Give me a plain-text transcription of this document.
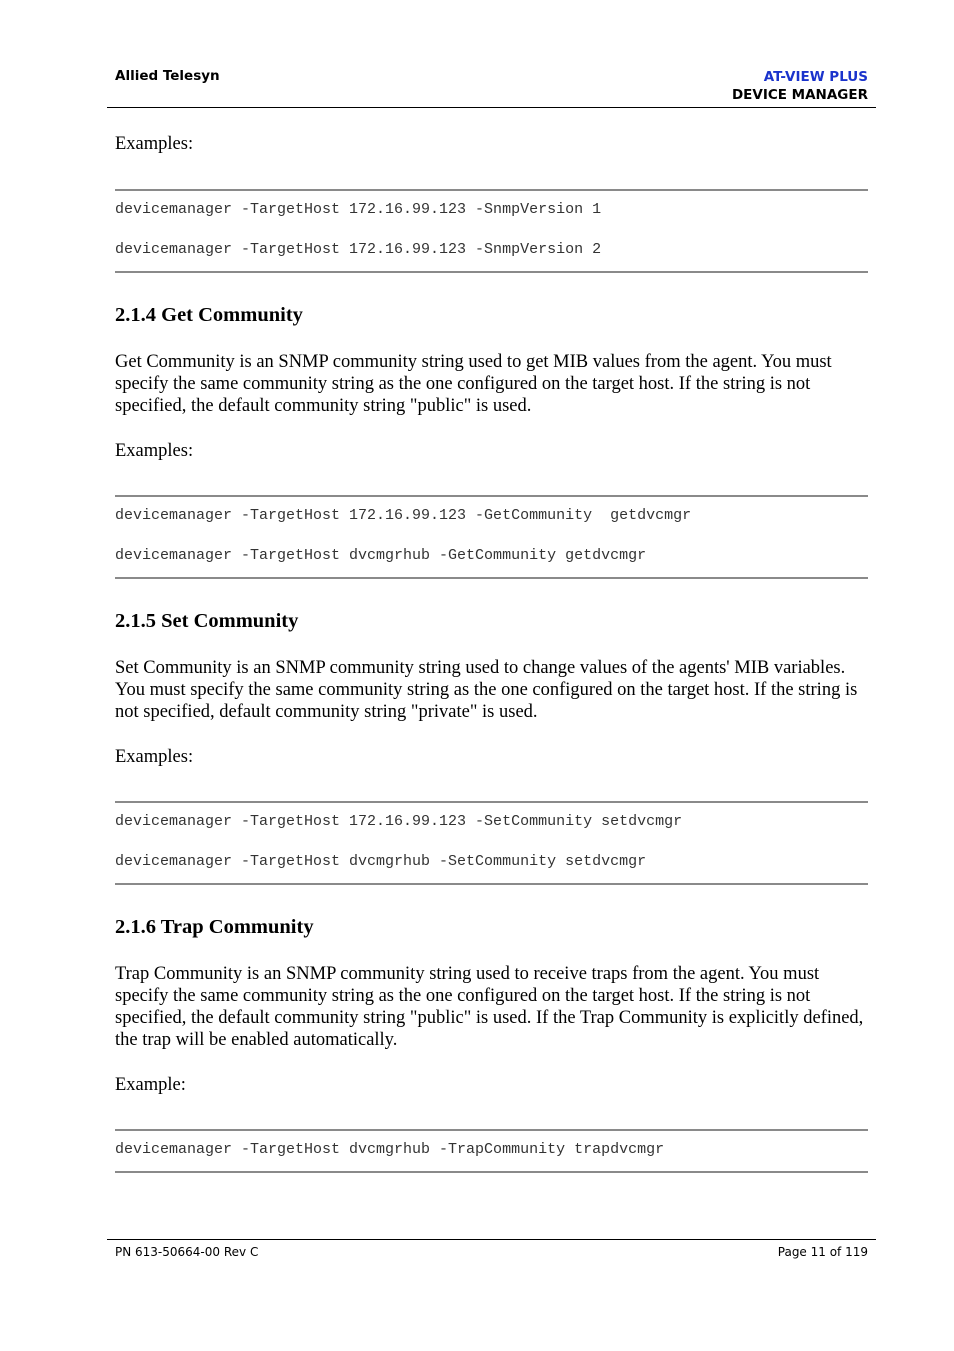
Allied Telesyn	AT-VIEW PLUS
DEVICE MANAGER
Examples:
devicemanager -TargetHost 172.16.99.123 -SnmpVersion 1
devicemanager -TargetHost 172.16.99.123 -SnmpVersion 2
2.1.4 Get Community
Get Community is an SNMP community string used to get MIB values from the agent. You must specify the same community string as the one configured on the target host. If the string is not specified, the default community string "public" is used.
Examples:
devicemanager -TargetHost 172.16.99.123 -GetCommunity  getdvcmgr
devicemanager -TargetHost dvcmgrhub -GetCommunity getdvcmgr
2.1.5 Set Community
Set Community is an SNMP community string used to change values of the agents' MIB variables. You must specify the same community string as the one configured on the target host. If the string is not specified, default community string "private" is used.
Examples:
devicemanager -TargetHost 172.16.99.123 -SetCommunity setdvcmgr
devicemanager -TargetHost dvcmgrhub -SetCommunity setdvcmgr
2.1.6 Trap Community
Trap Community is an SNMP community string used to receive traps from the agent. You must specify the same community string as the one configured on the target host. If the string is not specified, the default community string "public" is used. If the Trap Community is explicitly defined, the trap will be enabled automatically.
Example:
devicemanager -TargetHost dvcmgrhub -TrapCommunity trapdvcmgr
PN 613-50664-00 Rev C	Page 11 of 119
